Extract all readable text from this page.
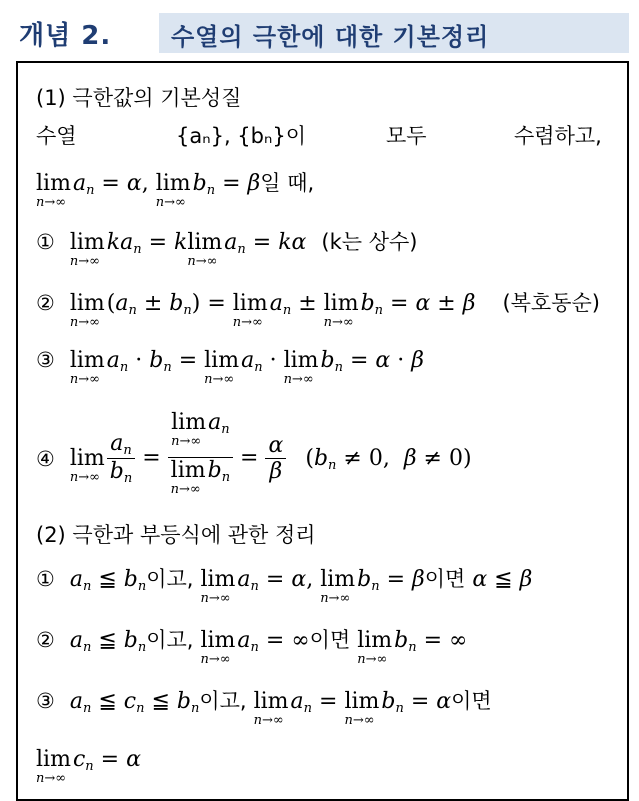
개념 2. 수열의 극한에 대한 기본정리
(1) 극한값의 기본성질
수열	{aₙ}, {bₙ}이	모두	수렴하고,
lim
n→∞
$a_n = \alpha$, lim
n→∞
$b_n = \beta$일 때,
① lim
n→∞
$ka_n = k$ lim
n→∞
$a_n = k\alpha$ (k는 상수)
② lim
n→∞
$(a_n \pm b_n) = \lim$
n→∞
$a_n \pm \lim$
n→∞
$b_n = \alpha \pm \beta$ (복호동순)
③ lim
n→∞
$a_n \cdot b_n = \lim$
n→∞
$a_n \cdot \lim$
n→∞
$b_n = \alpha \cdot \beta$
④ lim
$n\to\infty \frac{a_n}{b_n} = \lim$
n→∞
$a_n$
lim
n→∞
$b_n = \frac{\alpha}{\beta} (b_n \ne 0$,  β ≠ 0)
(2) 극한과 부등식에 관한 정리
① $a_n$ ≦ $b_n$이고, lim
n→∞
$a_n = \alpha$, lim
n→∞
$b_n = \beta$이면 α ≦ β
② $a_n$ ≦ $b_n$이고, lim
n→∞
$a_n$ = ∞이면 lim
n→∞
$b_n$ = ∞
③ $a_n$ ≦ $c_n$ ≦ $b_n$이고, lim
n→∞
$a_n = \lim$
n→∞
$b_n = \alpha$이면
lim
n→∞
$c_n = \alpha$
